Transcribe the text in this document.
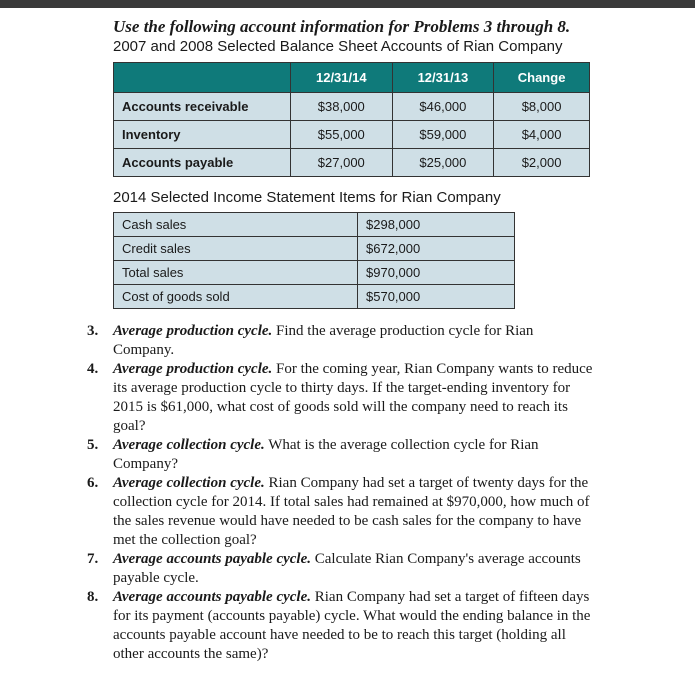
Use the following account information for Problems 3 through 8.
2007 and 2008 Selected Balance Sheet Accounts of Rian Company
	12/31/14	12/31/13	Change
Accounts receivable	$38,000	$46,000	$8,000
Inventory	$55,000	$59,000	$4,000
Accounts payable	$27,000	$25,000	$2,000
2014 Selected Income Statement Items for Rian Company
Cash sales	$298,000
Credit sales	$672,000
Total sales	$970,000
Cost of goods sold	$570,000
3. Average production cycle. Find the average production cycle for Rian Company.
4. Average production cycle. For the coming year, Rian Company wants to reduce its average production cycle to thirty days. If the target-ending inventory for 2015 is $61,000, what cost of goods sold will the company need to reach its goal?
5. Average collection cycle. What is the average collection cycle for Rian Company?
6. Average collection cycle. Rian Company had set a target of twenty days for the collection cycle for 2014. If total sales had remained at $970,000, how much of the sales revenue would have needed to be cash sales for the company to have met the collection goal?
7. Average accounts payable cycle. Calculate Rian Company's average accounts payable cycle.
8. Average accounts payable cycle. Rian Company had set a target of fifteen days for its payment (accounts payable) cycle. What would the ending balance in the accounts payable account have needed to be to reach this target (holding all other accounts the same)?
